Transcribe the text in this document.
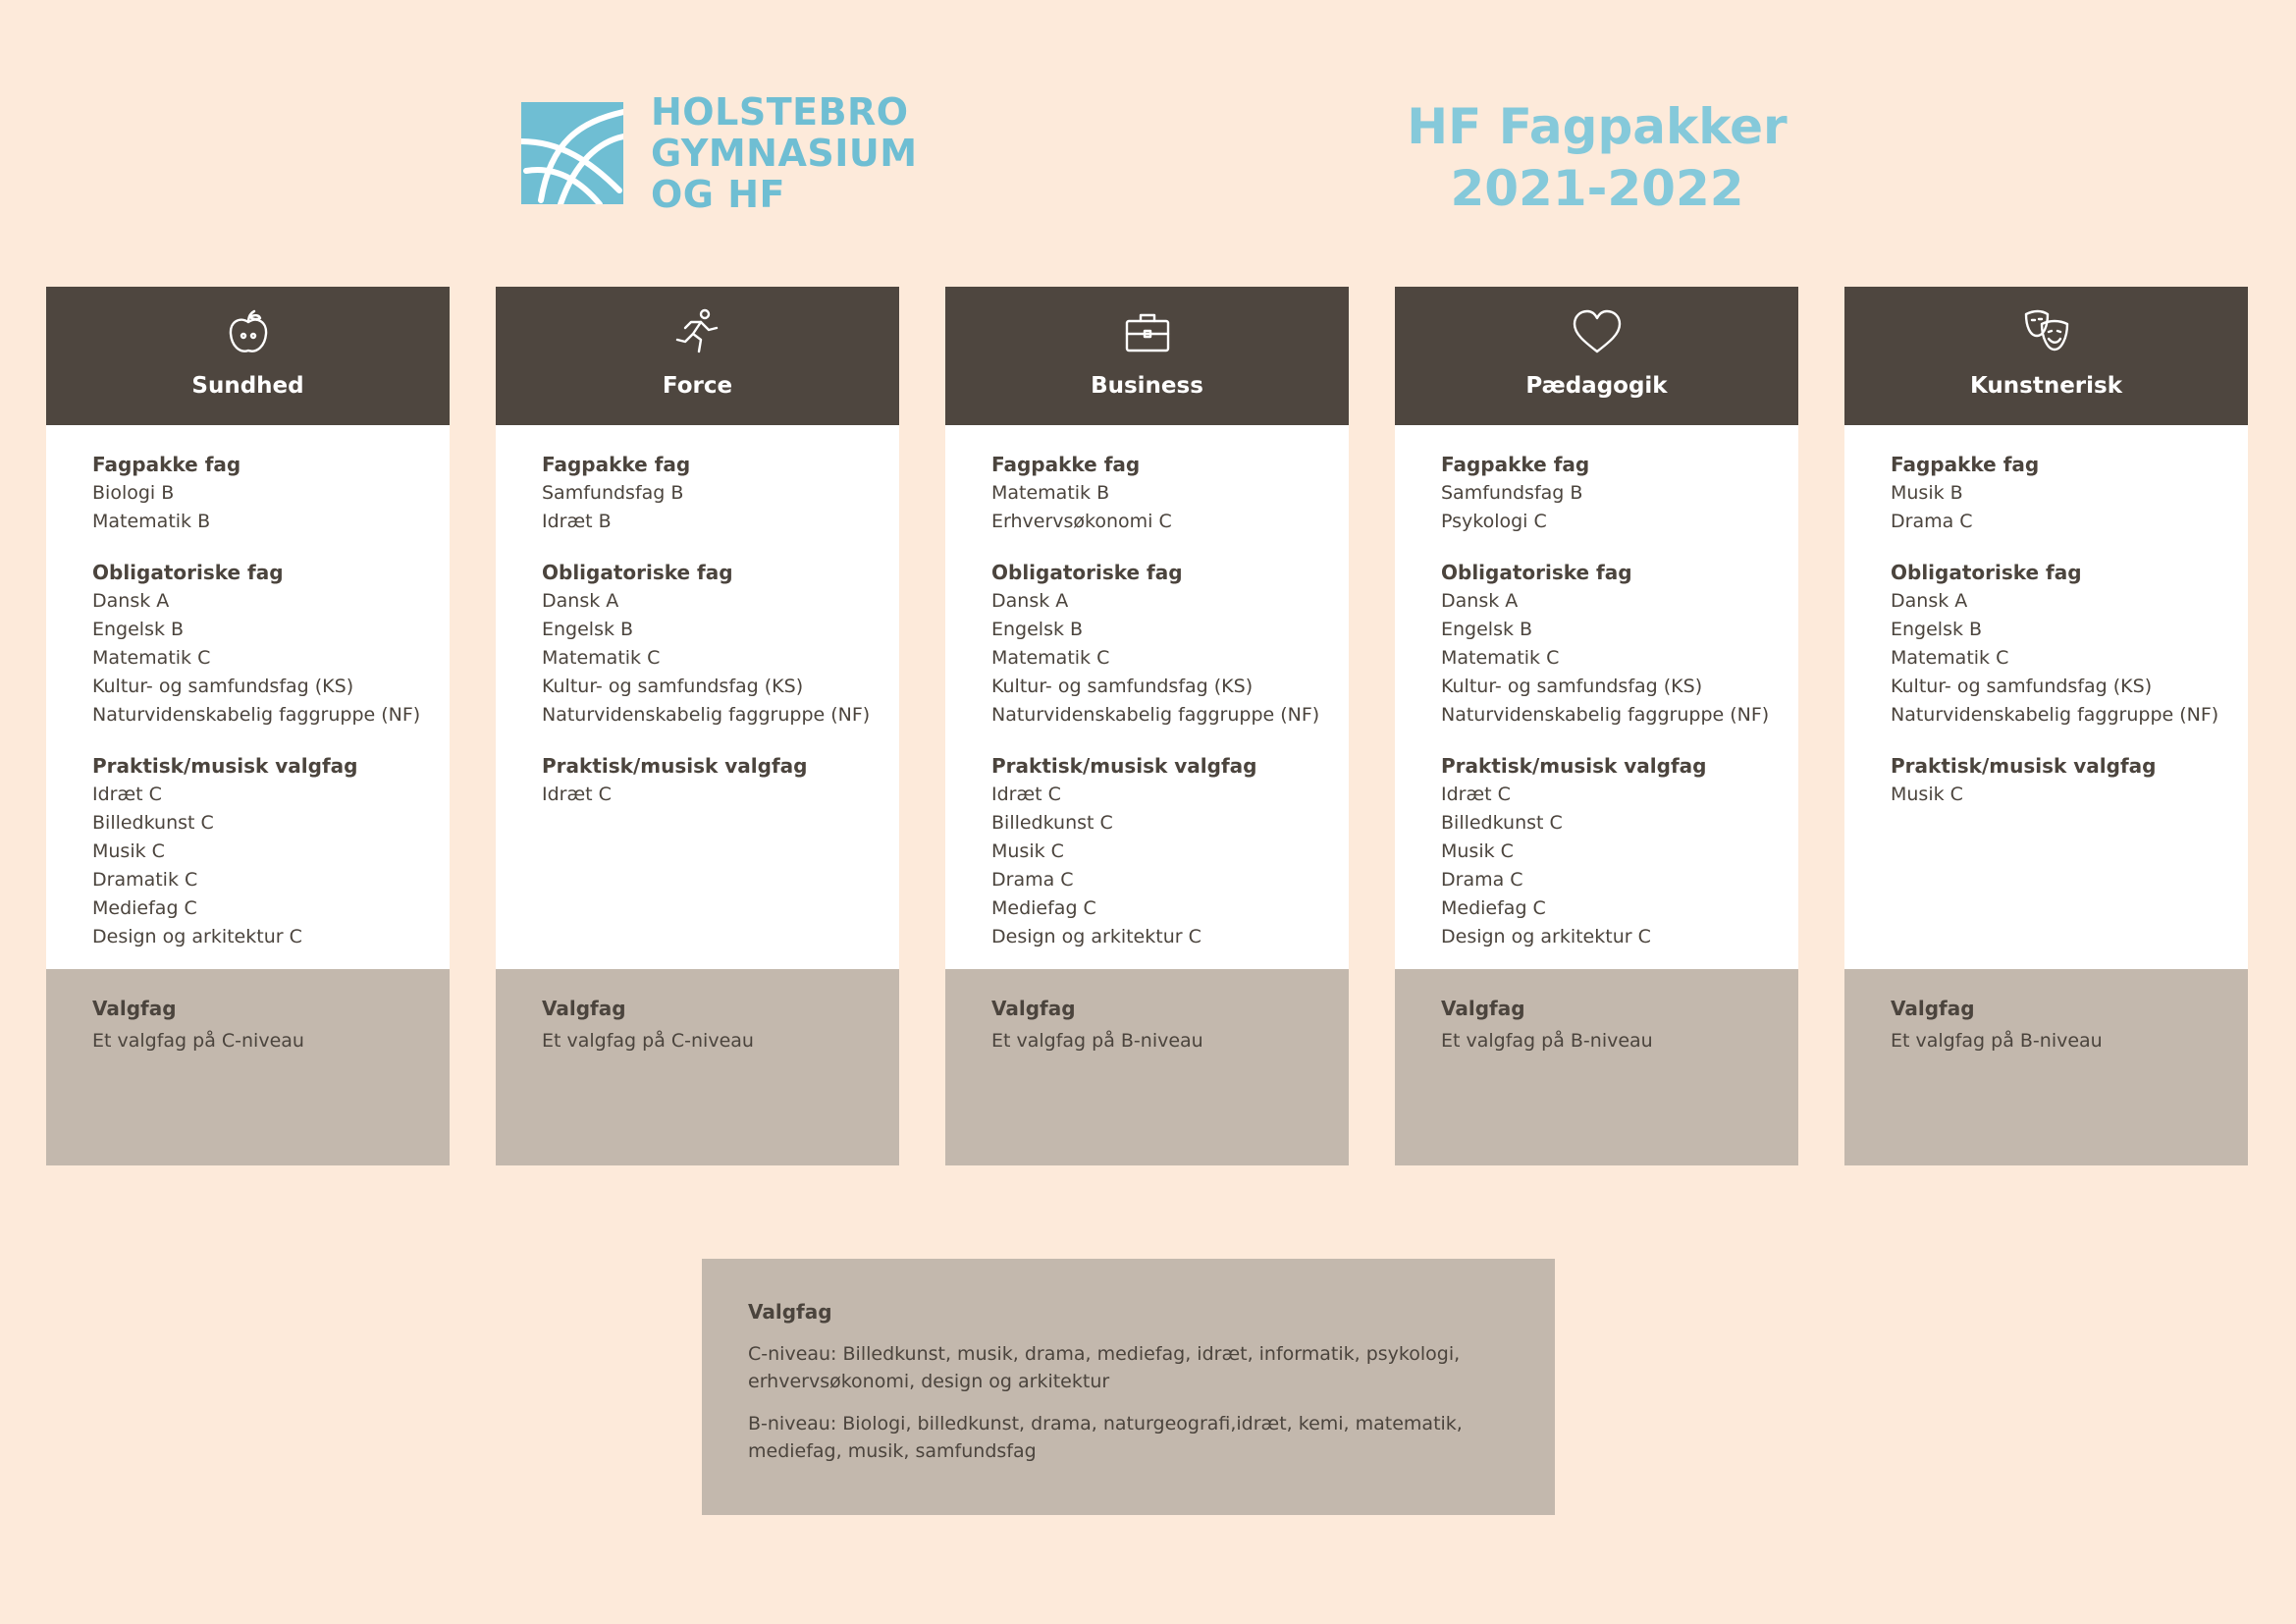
HOLSTEBRO
GYMNASIUM
OG HF
HF Fagpakker
2021-2022
Sundhed
Fagpakke fag
Biologi B
Matematik B
Obligatoriske fag
Dansk A
Engelsk B
Matematik C
Kultur- og samfundsfag (KS)
Naturvidenskabelig faggruppe (NF)
Praktisk/musisk valgfag
Idræt C
Billedkunst C
Musik C
Dramatik C
Mediefag C
Design og arkitektur C
Valgfag
Et valgfag på C-niveau
Force
Fagpakke fag
Samfundsfag B
Idræt B
Obligatoriske fag
Dansk A
Engelsk B
Matematik C
Kultur- og samfundsfag (KS)
Naturvidenskabelig faggruppe (NF)
Praktisk/musisk valgfag
Idræt C
Valgfag
Et valgfag på C-niveau
Business
Fagpakke fag
Matematik B
Erhvervsøkonomi C
Obligatoriske fag
Dansk A
Engelsk B
Matematik C
Kultur- og samfundsfag (KS)
Naturvidenskabelig faggruppe (NF)
Praktisk/musisk valgfag
Idræt C
Billedkunst C
Musik C
Drama C
Mediefag C
Design og arkitektur C
Valgfag
Et valgfag på B-niveau
Pædagogik
Fagpakke fag
Samfundsfag B
Psykologi C
Obligatoriske fag
Dansk A
Engelsk B
Matematik C
Kultur- og samfundsfag (KS)
Naturvidenskabelig faggruppe (NF)
Praktisk/musisk valgfag
Idræt C
Billedkunst C
Musik C
Drama C
Mediefag C
Design og arkitektur C
Valgfag
Et valgfag på B-niveau
Kunstnerisk
Fagpakke fag
Musik B
Drama C
Obligatoriske fag
Dansk A
Engelsk B
Matematik C
Kultur- og samfundsfag (KS)
Naturvidenskabelig faggruppe (NF)
Praktisk/musisk valgfag
Musik C
Valgfag
Et valgfag på B-niveau
Valgfag
C-niveau: Billedkunst, musik, drama, mediefag, idræt, informatik, psykologi, erhvervsøkonomi, design og arkitektur
B-niveau: Biologi, billedkunst, drama, naturgeografi,idræt, kemi, matematik, mediefag, musik, samfundsfag
